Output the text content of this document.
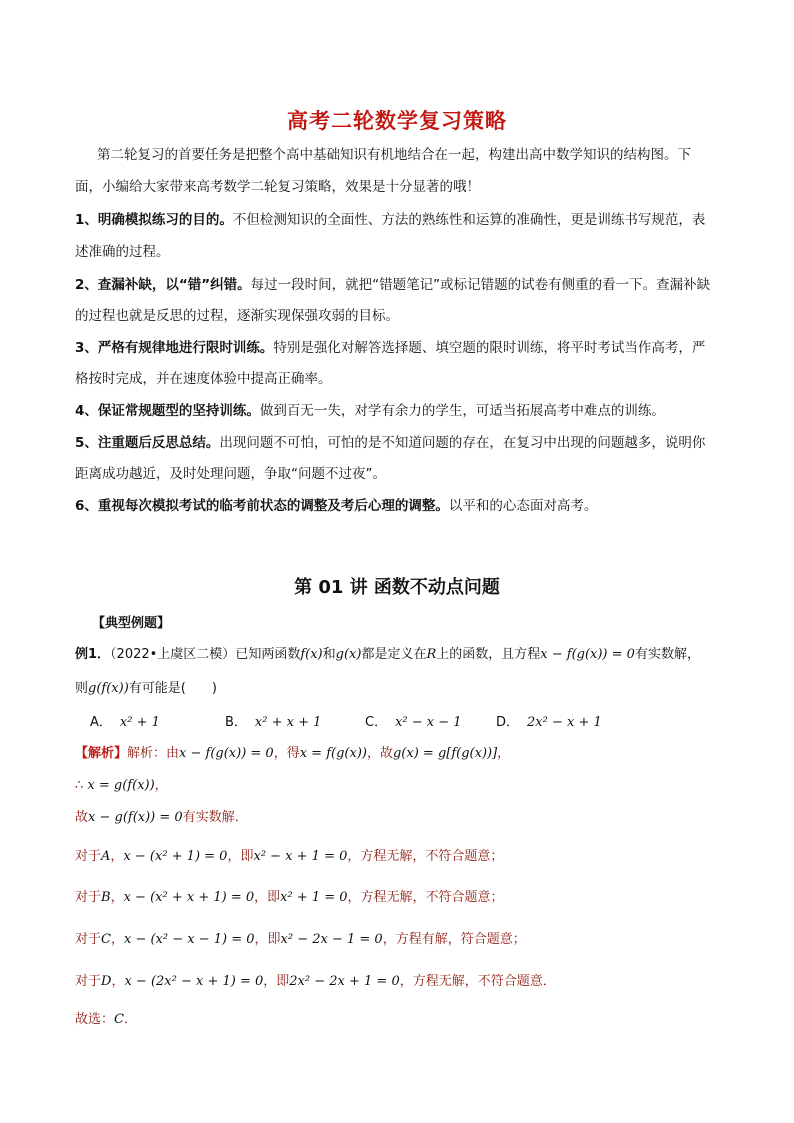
高考二轮数学复习策略
第二轮复习的首要任务是把整个高中基础知识有机地结合在一起，构建出高中数学知识的结构图。下
面，小编给大家带来高考数学二轮复习策略，效果是十分显著的哦！
1、明确模拟练习的目的。不但检测知识的全面性、方法的熟练性和运算的准确性，更是训练书写规范，表
述准确的过程。
2、查漏补缺，以“错”纠错。每过一段时间，就把“错题笔记”或标记错题的试卷有侧重的看一下。查漏补缺
的过程也就是反思的过程，逐渐实现保强攻弱的目标。
3、严格有规律地进行限时训练。特别是强化对解答选择题、填空题的限时训练，将平时考试当作高考，严
格按时完成，并在速度体验中提高正确率。
4、保证常规题型的坚持训练。做到百无一失，对学有余力的学生，可适当拓展高考中难点的训练。
5、注重题后反思总结。出现问题不可怕，可怕的是不知道问题的存在，在复习中出现的问题越多，说明你
距离成功越近，及时处理问题，争取“问题不过夜”。
6、重视每次模拟考试的临考前状态的调整及考后心理的调整。以平和的心态面对高考。
第 01 讲 函数不动点问题
【典型例题】
例1．（2022•上虞区二模）已知两函数f(x)和g(x)都是定义在R上的函数，且方程x − f(g(x)) = 0有实数解，
则g(f(x))有可能是(　　)
A． x² + 1	B． x² + x + 1	C． x² − x − 1	D． 2x² − x + 1
【解析】解析：由x − f(g(x)) = 0，得x = f(g(x))，故g(x) = g[f(g(x))]，
∴ x = g(f(x))，
故x − g(f(x)) = 0有实数解．
对于A，x − (x² + 1) = 0，即x² − x + 1 = 0，方程无解，不符合题意；
对于B，x − (x² + x + 1) = 0，即x² + 1 = 0，方程无解，不符合题意；
对于C，x − (x² − x − 1) = 0，即x² − 2x − 1 = 0，方程有解，符合题意；
对于D，x − (2x² − x + 1) = 0，即2x² − 2x + 1 = 0，方程无解，不符合题意．
故选：C．
